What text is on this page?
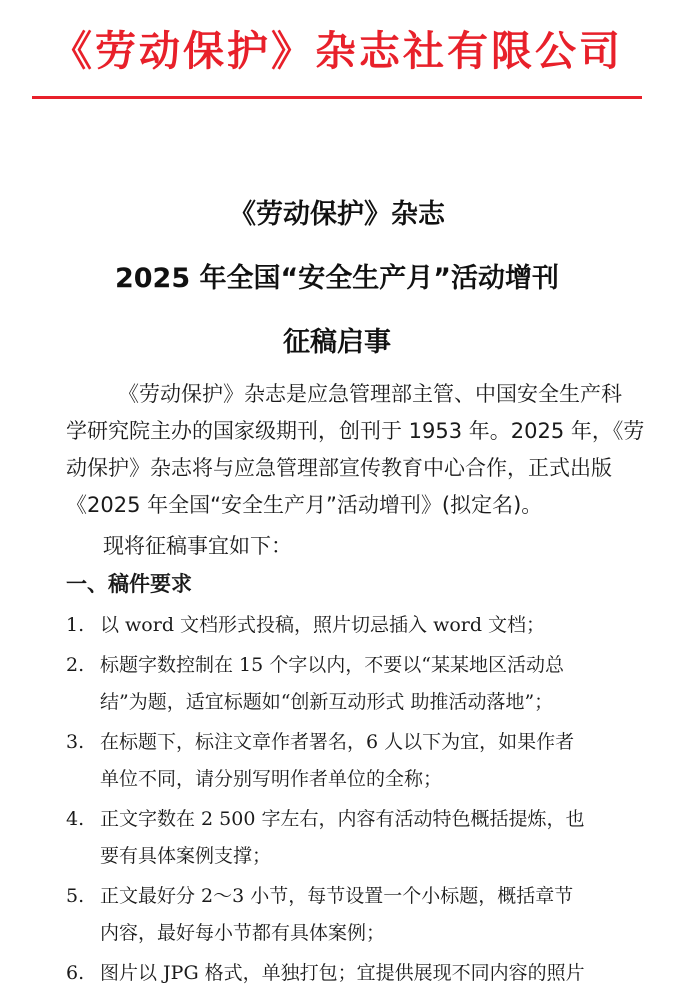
《劳动保护》杂志社有限公司
《劳动保护》杂志
2025 年全国“安全生产月”活动增刊
征稿启事
《劳动保护》杂志是应急管理部主管、中国安全生产科
学研究院主办的国家级期刊，创刊于 1953 年。2025 年，《劳
动保护》杂志将与应急管理部宣传教育中心合作，正式出版
《2025 年全国“安全生产月”活动增刊》(拟定名)。
现将征稿事宜如下：
一、稿件要求
1. 以 word 文档形式投稿，照片切忌插入 word 文档；
2. 标题字数控制在 15 个字以内，不要以“某某地区活动总
结”为题，适宜标题如“创新互动形式 助推活动落地”；
3. 在标题下，标注文章作者署名，6 人以下为宜，如果作者
单位不同，请分别写明作者单位的全称；
4. 正文字数在 2 500 字左右，内容有活动特色概括提炼，也
要有具体案例支撑；
5. 正文最好分 2～3 小节，每节设置一个小标题，概括章节
内容，最好每小节都有具体案例；
6. 图片以 JPG 格式，单独打包；宜提供展现不同内容的照片
